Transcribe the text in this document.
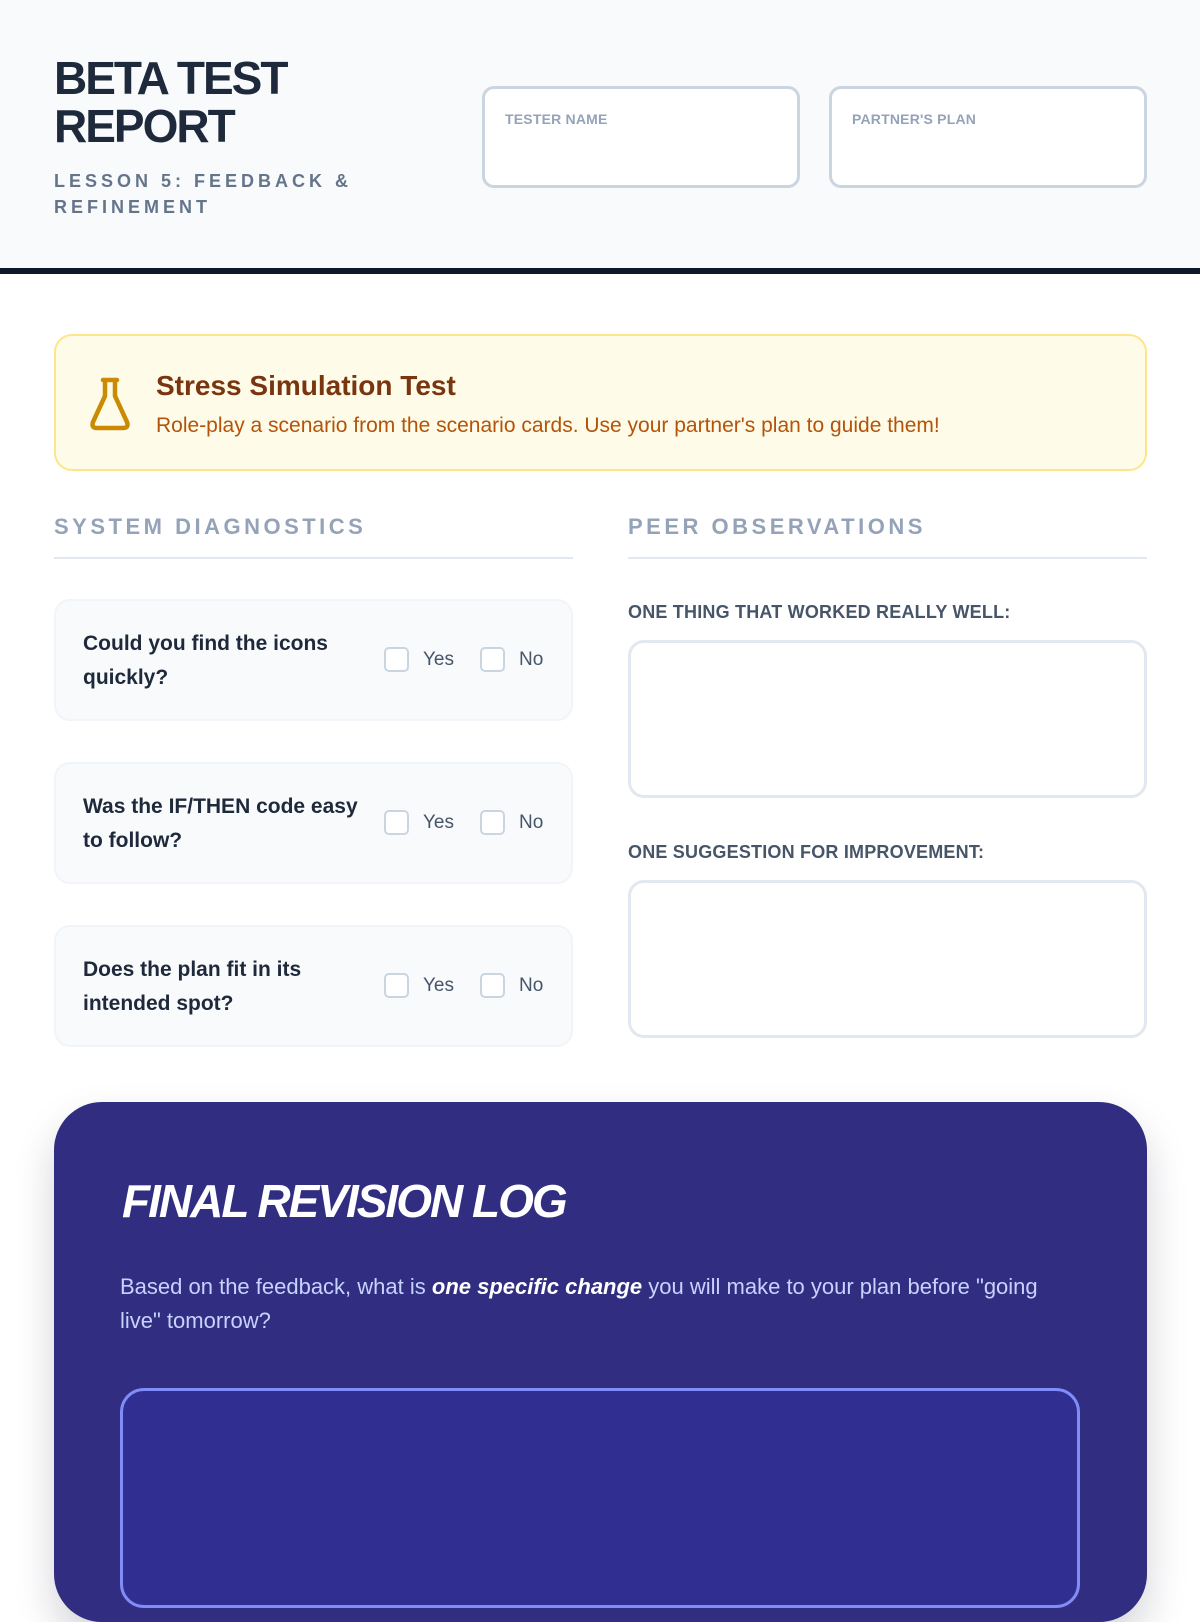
BETA TEST REPORT
LESSON 5: FEEDBACK & REFINEMENT
TESTER NAME	PARTNER'S PLAN
Stress Simulation Test
Role-play a scenario from the scenario cards. Use your partner's plan to guide them!
SYSTEM DIAGNOSTICS	PEER OBSERVATIONS
Could you find the icons quickly?
Yes	No
Was the IF/THEN code easy to follow?
Yes	No
Does the plan fit in its intended spot?
Yes	No
ONE THING THAT WORKED REALLY WELL:
ONE SUGGESTION FOR IMPROVEMENT:
FINAL REVISION LOG
Based on the feedback, what is one specific change you will make to your plan before "going live" tomorrow?
